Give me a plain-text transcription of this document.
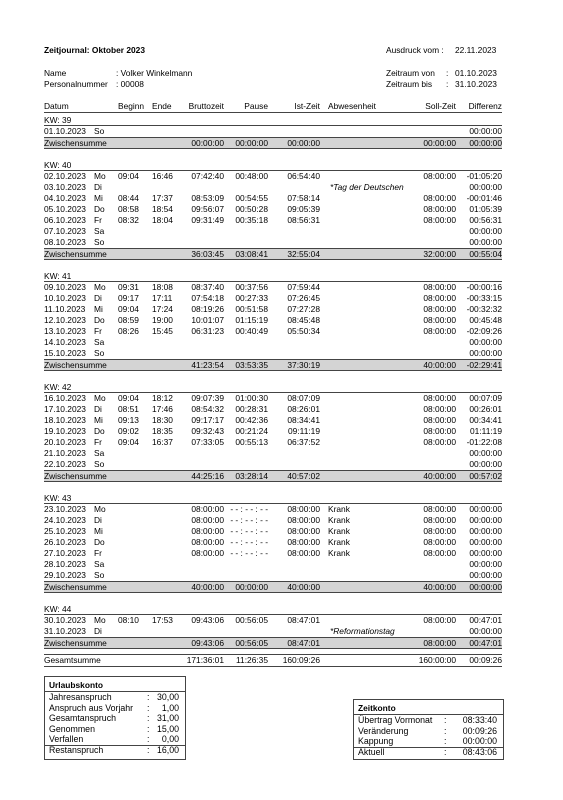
Zeitjournal: Oktober 2023	Ausdruck vom : 22.11.2023
Name	: Volker Winkelmann
Personalnummer : 00008
Zeitraum von : 01.10.2023
Zeitraum bis : 31.10.2023
Datum	Beginn Ende Bruttozeit Pause	Ist-Zeit Abwesenheit	Soll-Zeit Differenz
KW: 39
01.10.2023 So	00:00:00
Zwischensumme	00:00:00 00:00:00 00:00:00	00:00:00 00:00:00
KW: 40
02.10.2023 Mo 09:04 16:46 07:42:40 00:48:00 06:54:40	08:00:00 -01:05:20
03.10.2023 Di	*Tag der Deutschen	00:00:00
04.10.2023 Mi 08:44 17:37 08:53:09 00:54:55 07:58:14	08:00:00 -00:01:46
05.10.2023 Do 08:58 18:54 09:56:07 00:50:28 09:05:39	08:00:00 01:05:39
06.10.2023 Fr 08:32 18:04 09:31:49 00:35:18 08:56:31	08:00:00 00:56:31
07.10.2023 Sa	00:00:00
08.10.2023 So	00:00:00
Zwischensumme	36:03:45 03:08:41 32:55:04	32:00:00 00:55:04
KW: 41
09.10.2023 Mo 09:31 18:08 08:37:40 00:37:56 07:59:44	08:00:00 -00:00:16
10.10.2023 Di 09:17 17:11 07:54:18 00:27:33 07:26:45	08:00:00 -00:33:15
11.10.2023 Mi 09:04 17:24 08:19:26 00:51:58 07:27:28	08:00:00 -00:32:32
12.10.2023 Do 08:59 19:00 10:01:07 01:15:19 08:45:48	08:00:00 00:45:48
13.10.2023 Fr 08:26 15:45 06:31:23 00:40:49 05:50:34	08:00:00 -02:09:26
14.10.2023 Sa	00:00:00
15.10.2023 So	00:00:00
Zwischensumme	41:23:54 03:53:35 37:30:19	40:00:00 -02:29:41
KW: 42
16.10.2023 Mo 09:04 18:12 09:07:39 01:00:30 08:07:09	08:00:00 00:07:09
17.10.2023 Di 08:51 17:46 08:54:32 00:28:31 08:26:01	08:00:00 00:26:01
18.10.2023 Mi 09:13 18:30 09:17:17 00:42:36 08:34:41	08:00:00 00:34:41
19.10.2023 Do 09:02 18:35 09:32:43 00:21:24 09:11:19	08:00:00 01:11:19
20.10.2023 Fr 09:04 16:37 07:33:05 00:55:13 06:37:52	08:00:00 -01:22:08
21.10.2023 Sa	00:00:00
22.10.2023 So	00:00:00
Zwischensumme	44:25:16 03:28:14 40:57:02	40:00:00 00:57:02
KW: 43
23.10.2023 Mo	08:00:00 - - : - - : - - 08:00:00 Krank	08:00:00 00:00:00
24.10.2023 Di	08:00:00 - - : - - : - - 08:00:00 Krank	08:00:00 00:00:00
25.10.2023 Mi	08:00:00 - - : - - : - - 08:00:00 Krank	08:00:00 00:00:00
26.10.2023 Do	08:00:00 - - : - - : - - 08:00:00 Krank	08:00:00 00:00:00
27.10.2023 Fr	08:00:00 - - : - - : - - 08:00:00 Krank	08:00:00 00:00:00
28.10.2023 Sa	00:00:00
29.10.2023 So	00:00:00
Zwischensumme	40:00:00 00:00:00 40:00:00	40:00:00 00:00:00
KW: 44
30.10.2023 Mo 08:10 17:53 09:43:06 00:56:05 08:47:01	08:00:00 00:47:01
31.10.2023 Di	*Reformationstag	00:00:00
Zwischensumme	09:43:06 00:56:05 08:47:01	08:00:00 00:47:01
Gesamtsumme	171:36:01 11:26:35 160:09:26	160:00:00 00:09:26
Urlaubskonto
Jahresanspruch	: 30,00
Anspruch aus Vorjahr : 1,00
Gesamtanspruch	: 31,00
Genommen	: 15,00
Verfallen	: 0,00
Restanspruch	: 16,00
Zeitkonto
Übertrag Vormonat : 08:33:40
Veränderung	: 00:09:26
Kappung	: 00:00:00
Aktuell	: 08:43:06
